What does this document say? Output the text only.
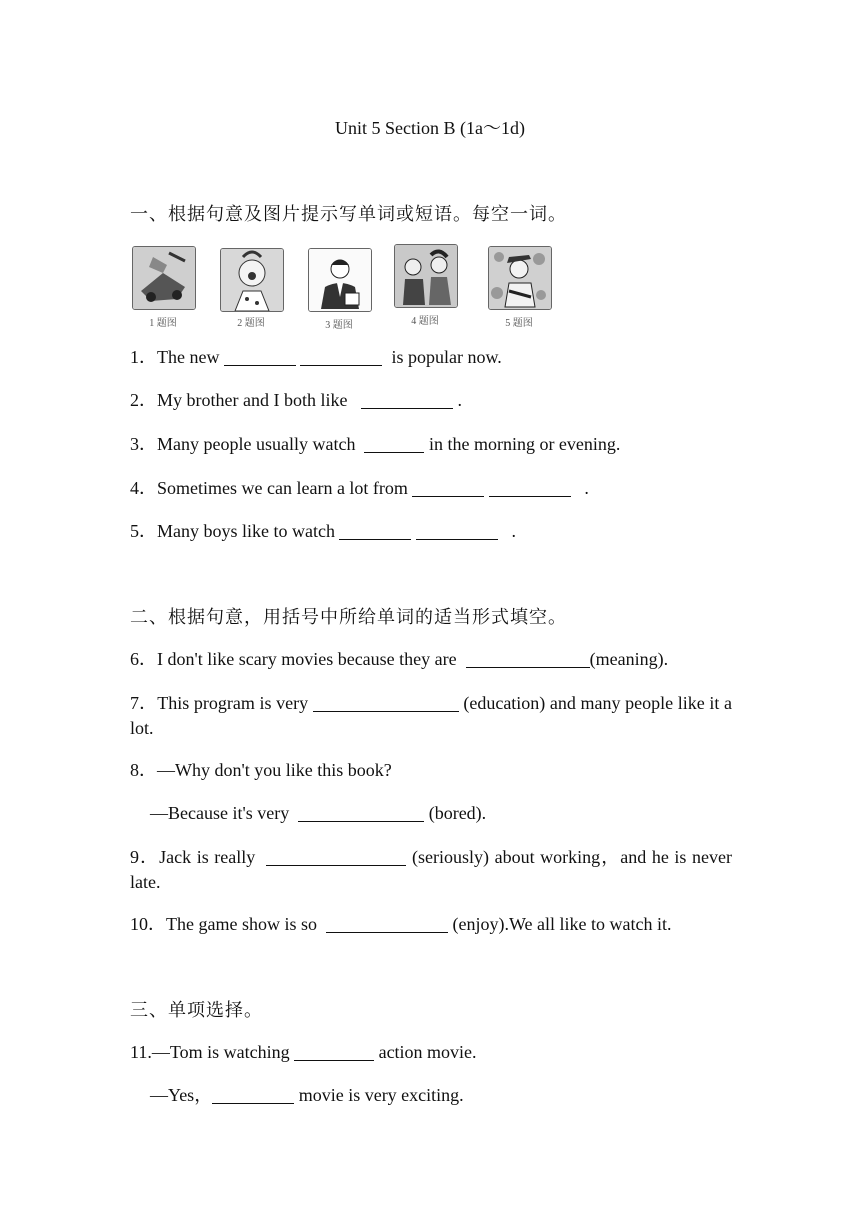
Unit 5 Section B (1a～1d)
一、根据句意及图片提示写单词或短语。每空一词。
1 题图	2 题图	3 题图	4 题图	5 题图
1．The new	is popular now.
2．My brother and I both like	.
3．Many people usually watch	in the morning or evening.
4．Sometimes we can learn a lot from	.
5．Many boys like to watch	.
二、根据句意，用括号中所给单词的适当形式填空。
6．I don't like scary movies because they are	(meaning).
7．This program is very	(education) and many people like it a lot.
8．—Why don't you like this book?
—Because it's very	(bored).
9．Jack is really	(seriously) about working，and he is never late.
10．The game show is so	(enjoy).We all like to watch it.
三、单项选择。
11.—Tom is watching	action movie.
—Yes，	movie is very exciting.
